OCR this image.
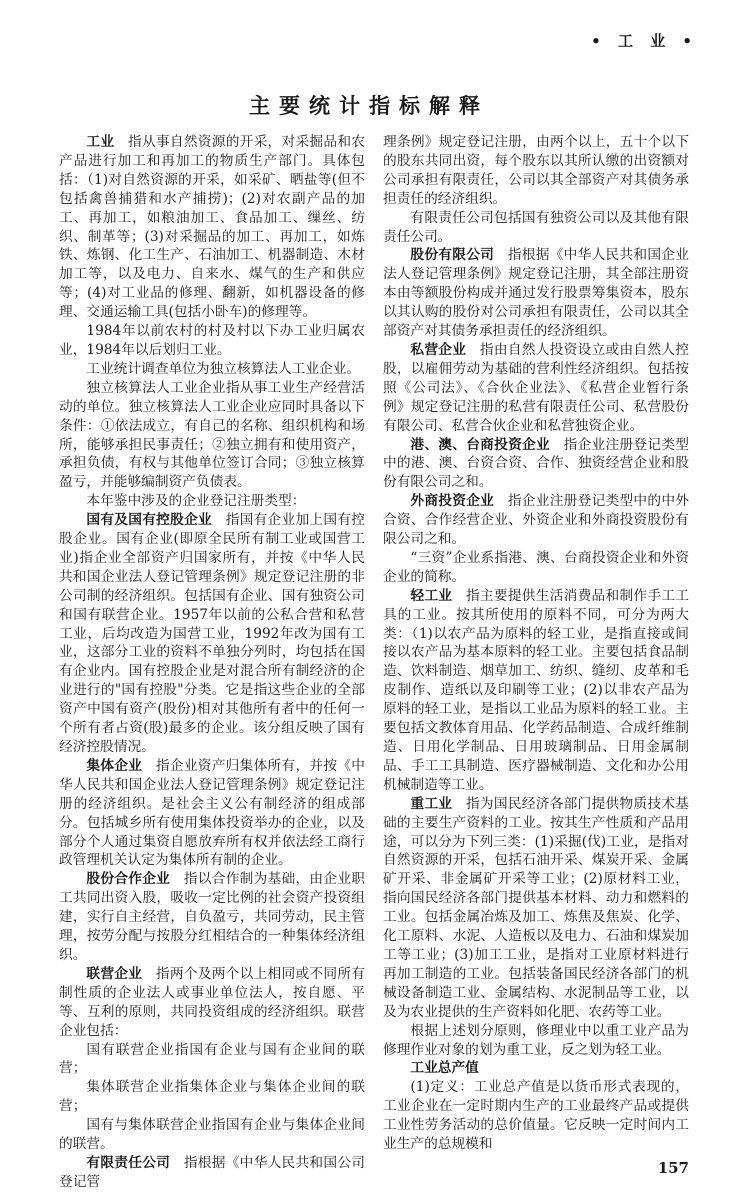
• 工 业 •
主要统计指标解释

工业 指从事自然资源的开采，对采掘品和农产品进行加工和再加工的物质生产部门。具体包括：（1)对自然资源的开采，如采矿、晒盐等(但不包括禽兽捕猎和水产捕捞)；(2)对农副产品的加工、再加工，如粮油加工、食品加工、缫丝、纺织、制革等；(3)对采掘品的加工、再加工，如炼铁、炼钢、化工生产、石油加工、机器制造、木材加工等，以及电力、自来水、煤气的生产和供应等；(4)对工业品的修理、翻新，如机器设备的修理、交通运输工具(包括小卧车)的修理等。

1984年以前农村的村及村以下办工业归属农业，1984年以后划归工业。

工业统计调查单位为独立核算法人工业企业。

独立核算法人工业企业指从事工业生产经营活动的单位。独立核算法人工业企业应同时具备以下条件：①依法成立，有自己的名称、组织机构和场所，能够承担民事责任；②独立拥有和使用资产，承担负债，有权与其他单位签订合同；③独立核算盈亏，并能够编制资产负债表。

本年鉴中涉及的企业登记注册类型：

国有及国有控股企业 指国有企业加上国有控股企业。国有企业(即原全民所有制工业或国营工业)指企业全部资产归国家所有，并按《中华人民共和国企业法人登记管理条例》规定登记注册的非公司制的经济组织。包括国有企业、国有独资公司和国有联营企业。1957年以前的公私合营和私营工业，后均改造为国营工业，1992年改为国有工业，这部分工业的资料不单独分列时，均包括在国有企业内。国有控股企业是对混合所有制经济的企业进行的"国有控股"分类。它是指这些企业的全部资产中国有资产(股份)相对其他所有者中的任何一个所有者占资(股)最多的企业。该分组反映了国有经济控股情况。

集体企业 指企业资产归集体所有，并按《中华人民共和国企业法人登记管理条例》规定登记注册的经济组织。是社会主义公有制经济的组成部分。包括城乡所有使用集体投资举办的企业，以及部分个人通过集资自愿放弃所有权并依法经工商行政管理机关认定为集体所有制的企业。

股份合作企业 指以合作制为基础，由企业职工共同出资入股，吸收一定比例的社会资产投资组建，实行自主经营，自负盈亏，共同劳动，民主管理，按劳分配与按股分红相结合的一种集体经济组织。

联营企业 指两个及两个以上相同或不同所有制性质的企业法人或事业单位法人，按自愿、平等、互利的原则，共同投资组成的经济组织。联营企业包括：

国有联营企业指国有企业与国有企业间的联营；

集体联营企业指集体企业与集体企业间的联营；

国有与集体联营企业指国有企业与集体企业间的联营。

有限责任公司 指根据《中华人民共和国公司登记管

理条例》规定登记注册，由两个以上，五十个以下的股东共同出资，每个股东以其所认缴的出资额对公司承担有限责任，公司以其全部资产对其债务承担责任的经济组织。

有限责任公司包括国有独资公司以及其他有限责任公司。

股份有限公司 指根据《中华人民共和国企业法人登记管理条例》规定登记注册，其全部注册资本由等额股份构成并通过发行股票筹集资本，股东以其认购的股份对公司承担有限责任，公司以其全部资产对其债务承担责任的经济组织。

私营企业 指由自然人投资设立或由自然人控股，以雇佣劳动为基础的营利性经济组织。包括按照《公司法》、《合伙企业法》、《私营企业暂行条例》规定登记注册的私营有限责任公司、私营股份有限公司、私营合伙企业和私营独资企业。

港、澳、台商投资企业 指企业注册登记类型中的港、澳、台资合资、合作、独资经营企业和股份有限公司之和。

外商投资企业 指企业注册登记类型中的中外合资、合作经营企业、外资企业和外商投资股份有限公司之和。

“三资”企业系指港、澳、台商投资企业和外资企业的简称。

轻工业 指主要提供生活消费品和制作手工工具的工业。按其所使用的原料不同，可分为两大类：（1)以农产品为原料的轻工业，是指直接或间接以农产品为基本原料的轻工业。主要包括食品制造、饮料制造、烟草加工、纺织、缝纫、皮革和毛皮制作、造纸以及印刷等工业；(2)以非农产品为原料的轻工业，是指以工业品为原料的轻工业。主要包括文教体育用品、化学药品制造、合成纤维制造、日用化学制品、日用玻璃制品、日用金属制品、手工工具制造、医疗器械制造、文化和办公用机械制造等工业。

重工业 指为国民经济各部门提供物质技术基础的主要生产资料的工业。按其生产性质和产品用途，可以分为下列三类：(1)采掘(伐)工业，是指对自然资源的开采，包括石油开采、煤炭开采、金属矿开采、非金属矿开采等工业；(2)原材料工业，指向国民经济各部门提供基本材料、动力和燃料的工业。包括金属冶炼及加工、炼焦及焦炭、化学、化工原料、水泥、人造板以及电力、石油和煤炭加工等工业；(3)加工工业，是指对工业原材料进行再加工制造的工业。包括装备国民经济各部门的机械设备制造工业、金属结构、水泥制品等工业，以及为农业提供的生产资料如化肥、农药等工业。

根据上述划分原则，修理业中以重工业产品为修理作业对象的划为重工业，反之划为轻工业。

工业总产值

(1)定义：工业总产值是以货币形式表现的，工业企业在一定时期内生产的工业最终产品或提供工业性劳务活动的总价值量。它反映一定时间内工业生产的总规模和

157
